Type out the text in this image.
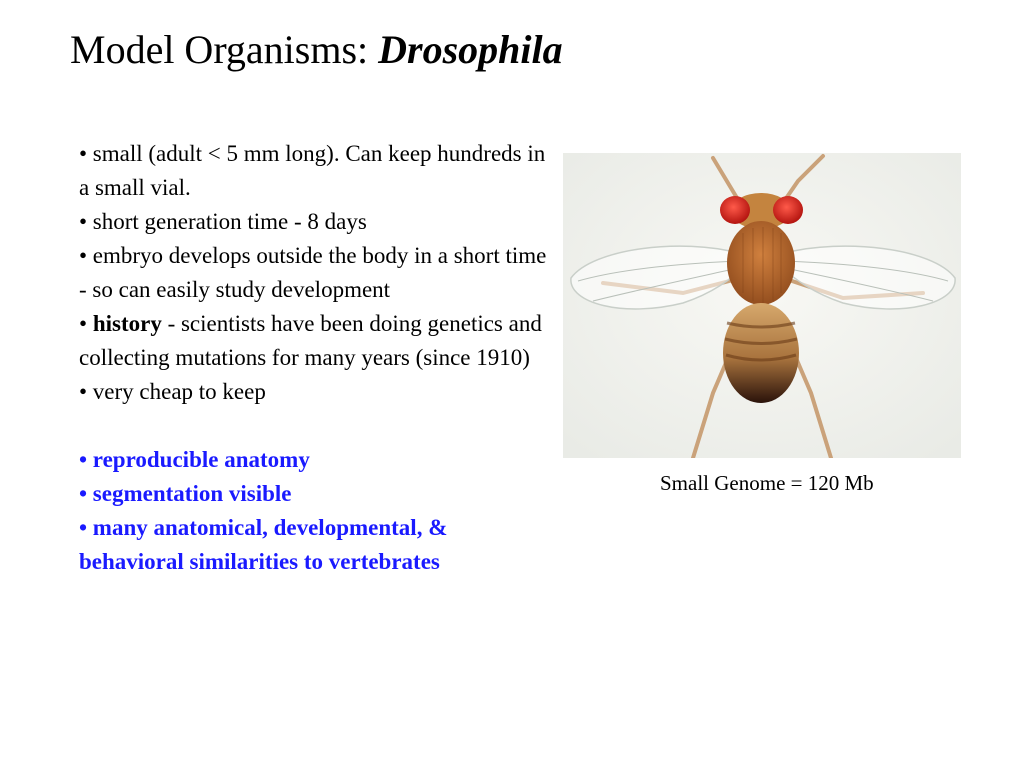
Model Organisms: Drosophila

• small (adult < 5 mm long). Can keep hundreds in a small vial.

• short generation time - 8 days

• embryo develops outside the body in a short time - so can easily study development

• history - scientists have been doing genetics and collecting mutations for many years (since 1910)

• very cheap to keep

• reproducible anatomy

• segmentation visible

• many anatomical, developmental, & behavioral similarities to vertebrates

Small Genome = 120 Mb
